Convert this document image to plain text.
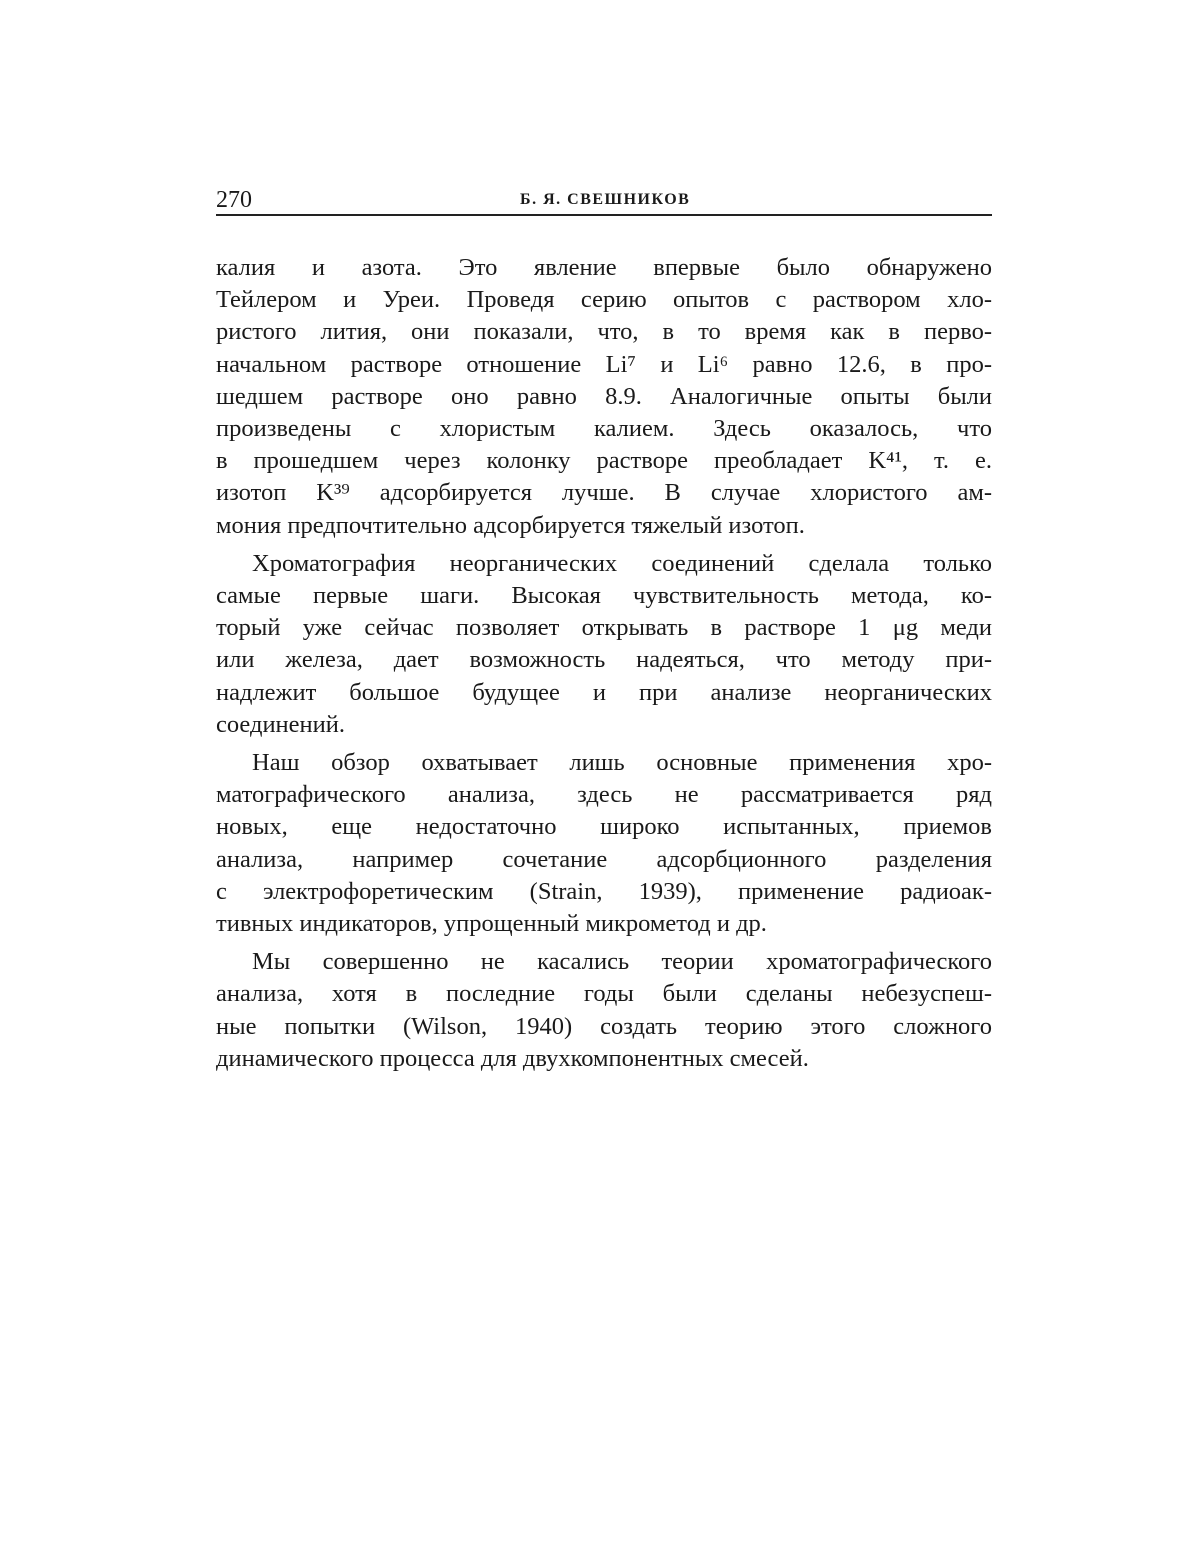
270	Б. Я. СВЕШНИКОВ
калия и азота. Это явление впервые было обнаружено
Тейлером и Уреи. Проведя серию опытов с раствором хло-
ристого лития, они показали, что, в то время как в перво-
начальном растворе отношение Li⁷ и Li⁶ равно 12.6, в про-
шедшем растворе оно равно 8.9. Аналогичные опыты были
произведены с хлористым калием. Здесь оказалось, что
в прошедшем через колонку растворе преобладает K⁴¹, т. е.
изотоп K³⁹ адсорбируется лучше. В случае хлористого ам-
мония предпочтительно адсорбируется тяжелый изотоп.
Хроматография неорганических соединений сделала только
самые первые шаги. Высокая чувствительность метода, ко-
торый уже сейчас позволяет открывать в растворе 1 μg меди
или железа, дает возможность надеяться, что методу при-
надлежит большое будущее и при анализе неорганических
соединений.
Наш обзор охватывает лишь основные применения хро-
матографического анализа, здесь не рассматривается ряд
новых, еще недостаточно широко испытанных, приемов
анализа, например сочетание адсорбционного разделения
с электрофоретическим (Strain, 1939), применение радиоак-
тивных индикаторов, упрощенный микрометод и др.
Мы совершенно не касались теории хроматографического
анализа, хотя в последние годы были сделаны небезуспеш-
ные попытки (Wilson, 1940) создать теорию этого сложного
динамического процесса для двухкомпонентных смесей.
